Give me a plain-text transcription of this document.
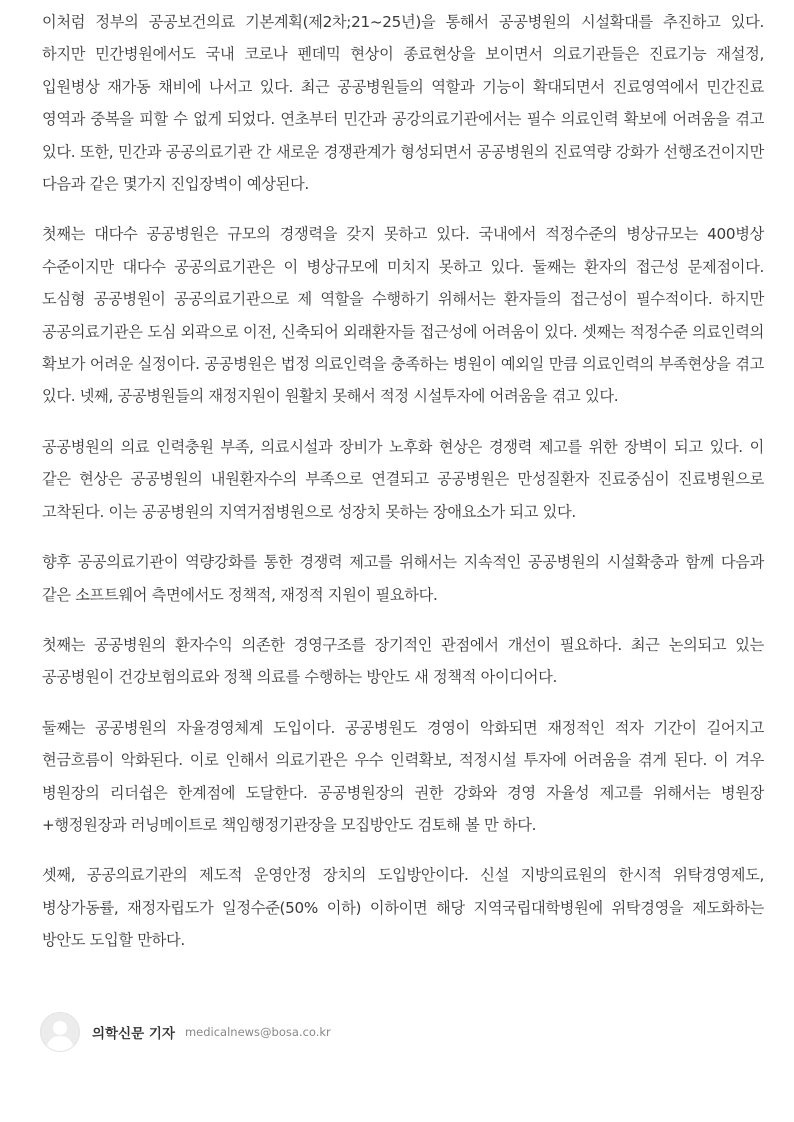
이처럼 정부의 공공보건의료 기본계획(제2차;21~25년)을 통해서 공공병원의 시설확대를 추진하고 있다. 하지만 민간병원에서도 국내 코로나 펜데믹 현상이 종료현상을 보이면서 의료기관들은 진료기능 재설정, 입원병상 재가동 채비에 나서고 있다. 최근 공공병원들의 역할과 기능이 확대되면서 진료영역에서 민간진료 영역과 중복을 피할 수 없게 되었다. 연초부터 민간과 공강의료기관에서는 필수 의료인력 확보에 어려움을 겪고 있다. 또한, 민간과 공공의료기관 간 새로운 경쟁관계가 형성되면서 공공병원의 진료역량 강화가 선행조건이지만 다음과 같은 몇가지 진입장벽이 예상된다.

첫째는 대다수 공공병원은 규모의 경쟁력을 갖지 못하고 있다. 국내에서 적정수준의 병상규모는 400병상 수준이지만 대다수 공공의료기관은 이 병상규모에 미치지 못하고 있다. 둘째는 환자의 접근성 문제점이다. 도심형 공공병원이 공공의료기관으로 제 역할을 수행하기 위해서는 환자들의 접근성이 필수적이다. 하지만 공공의료기관은 도심 외곽으로 이전, 신축되어 외래환자들 접근성에 어려움이 있다. 셋째는 적정수준 의료인력의 확보가 어려운 실정이다. 공공병원은 법정 의료인력을 충족하는 병원이 예외일 만큼 의료인력의 부족현상을 겪고 있다. 넷째, 공공병원들의 재정지원이 원활치 못해서 적정 시설투자에 어려움을 겪고 있다.

공공병원의 의료 인력충원 부족, 의료시설과 장비가 노후화 현상은 경쟁력 제고를 위한 장벽이 되고 있다. 이 같은 현상은 공공병원의 내원환자수의 부족으로 연결되고 공공병원은 만성질환자 진료중심이 진료병원으로 고착된다. 이는 공공병원의 지역거점병원으로 성장치 못하는 장애요소가 되고 있다.

향후 공공의료기관이 역량강화를 통한 경쟁력 제고를 위해서는 지속적인 공공병원의 시설확충과 함께 다음과 같은 소프트웨어 측면에서도 정책적, 재정적 지원이 필요하다.

첫째는 공공병원의 환자수익 의존한 경영구조를 장기적인 관점에서 개선이 필요하다. 최근 논의되고 있는 공공병원이 건강보험의료와 정책 의료를 수행하는 방안도 새 정책적 아이디어다.

둘째는 공공병원의 자율경영체계 도입이다. 공공병원도 경영이 악화되면 재정적인 적자 기간이 길어지고 현금흐름이 악화된다. 이로 인해서 의료기관은 우수 인력확보, 적정시설 투자에 어려움을 겪게 된다. 이 겨우 병원장의 리더쉽은 한계점에 도달한다. 공공병원장의 권한 강화와 경영 자율성 제고를 위해서는 병원장+행정원장과 러닝메이트로 책임행정기관장을 모집방안도 검토해 볼 만 하다.

셋째, 공공의료기관의 제도적 운영안정 장치의 도입방안이다. 신설 지방의료원의 한시적 위탁경영제도, 병상가동률, 재정자립도가 일정수준(50% 이하) 이하이면 해당 지역국립대학병원에 위탁경영을 제도화하는 방안도 도입할 만하다.

의학신문 기자 medicalnews@bosa.co.kr
